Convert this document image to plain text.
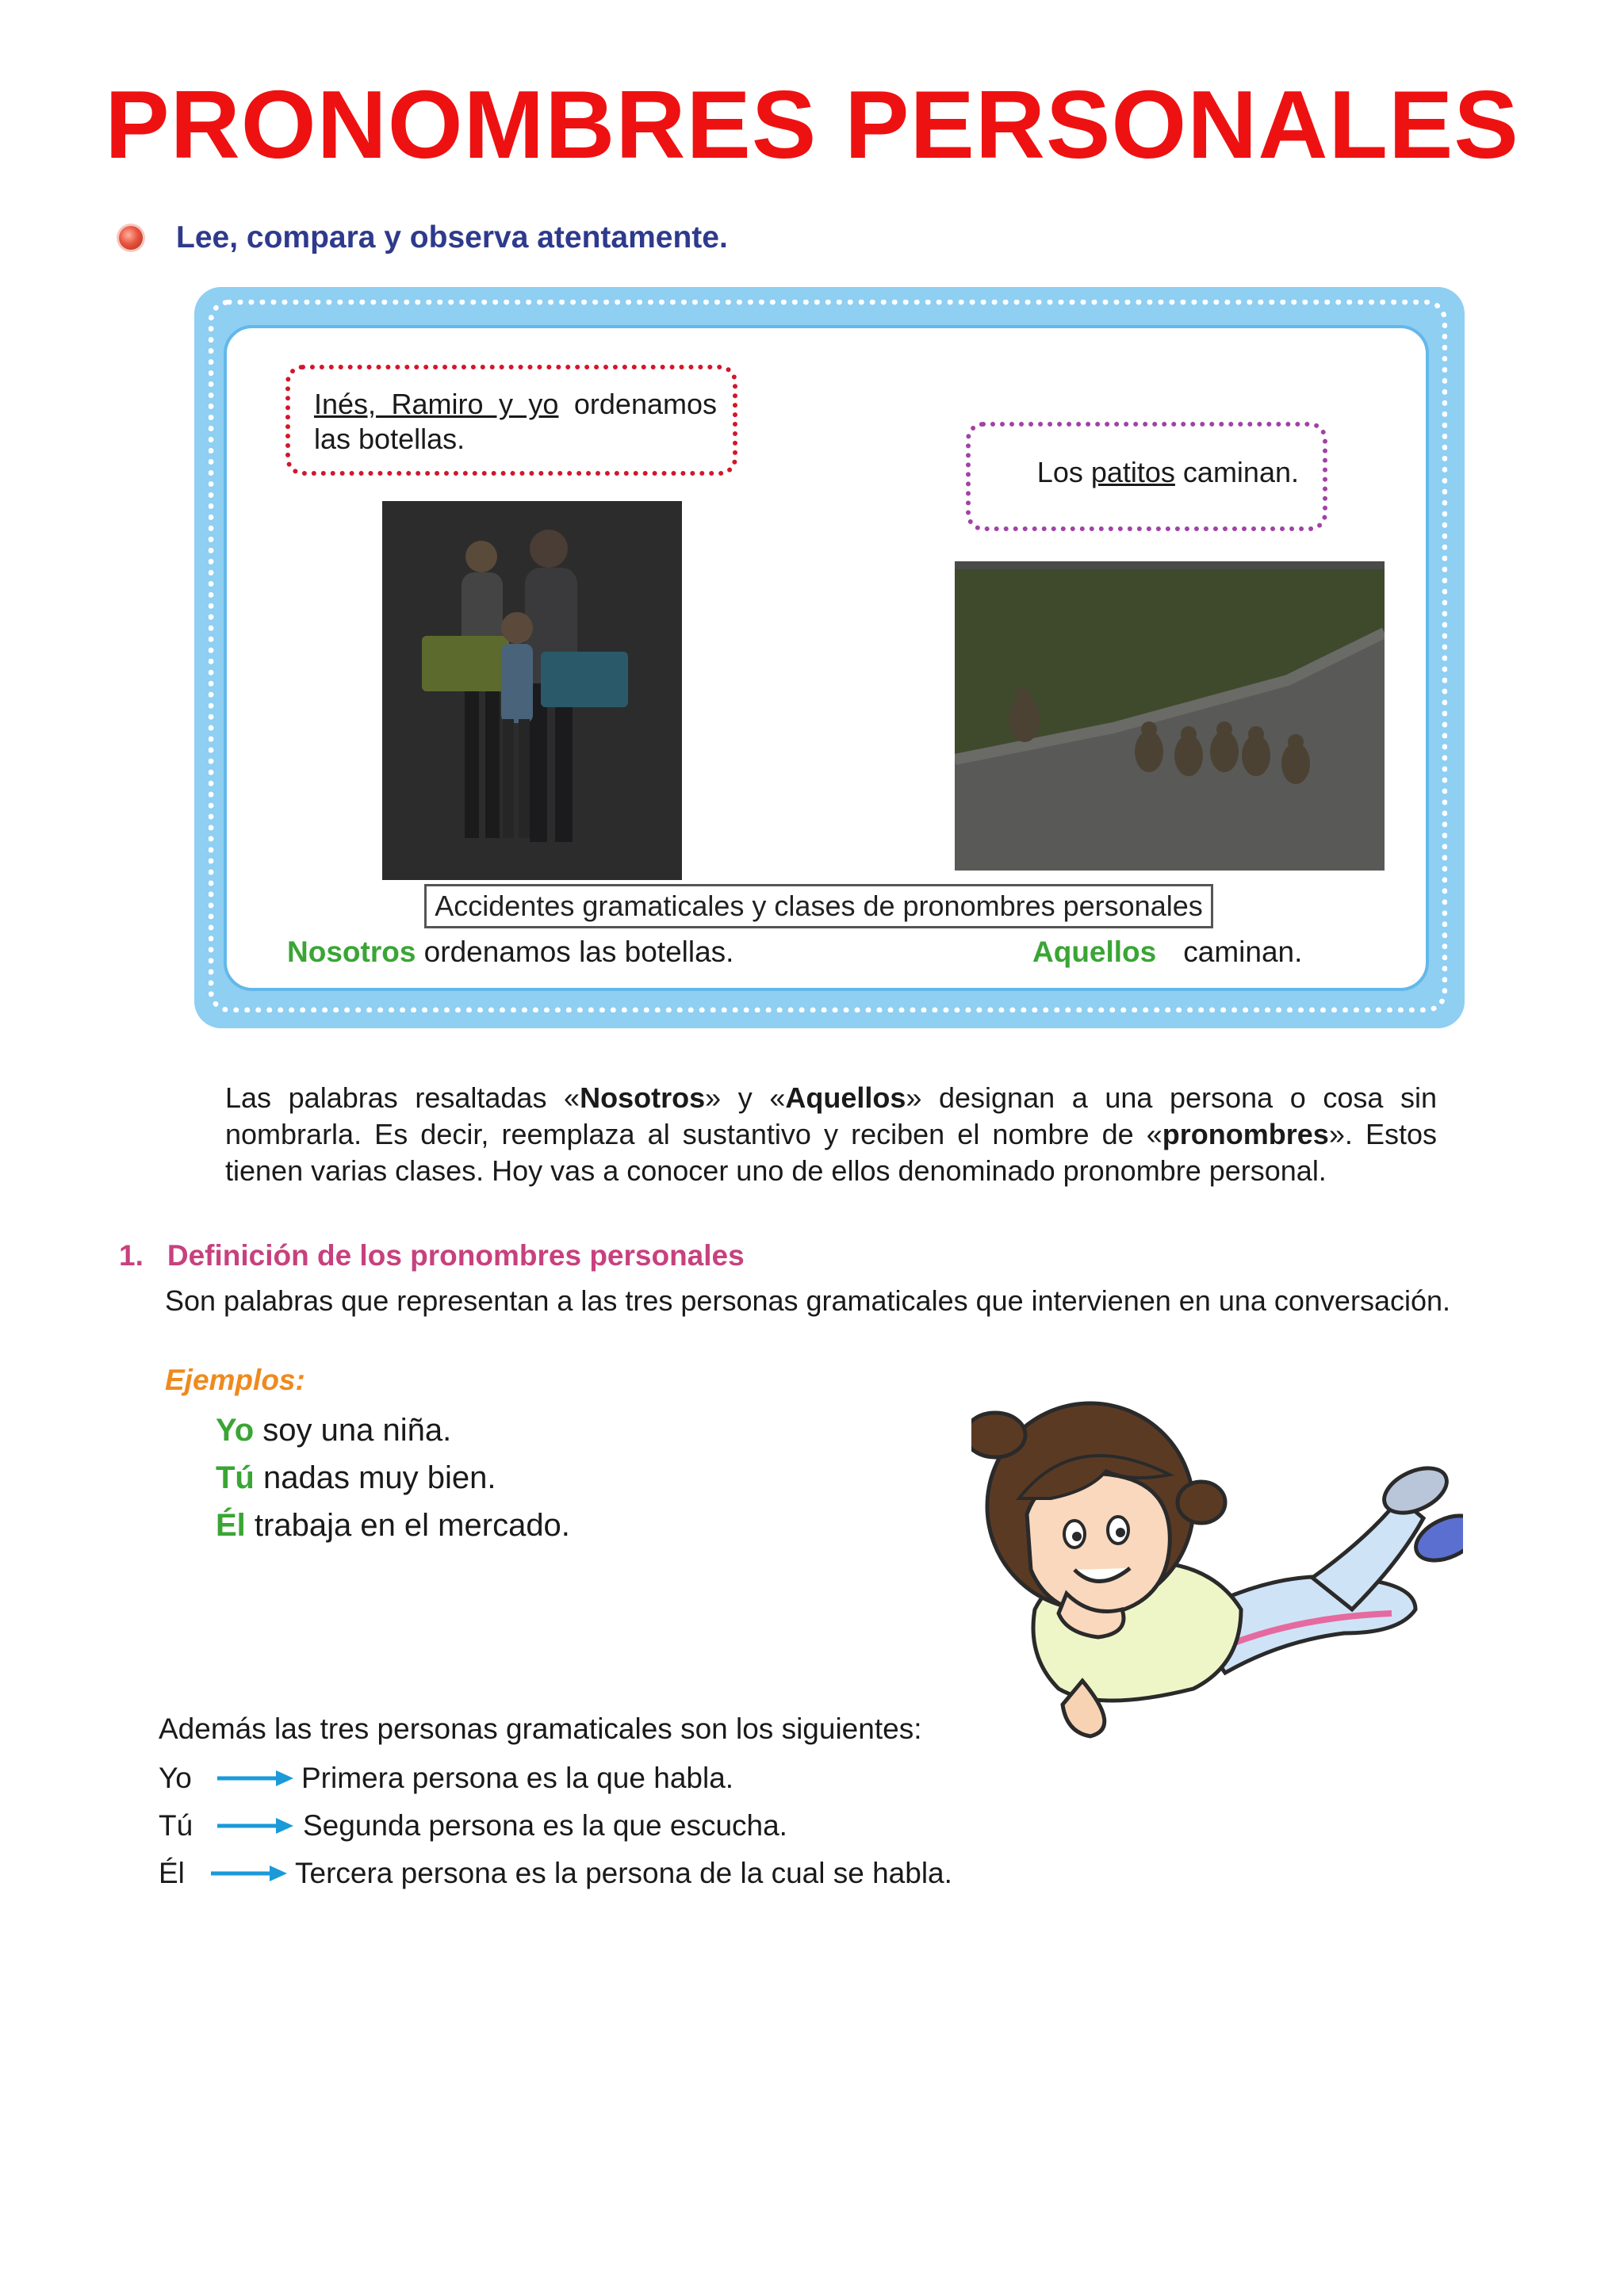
PRONOMBRES PERSONALES
Lee, compara y observa atentamente.
Inés, Ramiro y yo ordenamos las botellas.
Los patitos caminan.
Accidentes gramaticales y clases de pronombres personales
Nosotros ordenamos las botellas.	Aquellos caminan.
Las palabras resaltadas «Nosotros» y «Aquellos» designan a una persona o cosa sin nombrarla. Es decir, reemplaza al sustantivo y reciben el nombre de «pronombres». Estos tienen varias clases. Hoy vas a conocer uno de ellos denominado pronombre personal.
1. Definición de los pronombres personales
Son palabras que representan a las tres personas gramaticales que intervienen en una conversación.
Ejemplos:
Yo soy una niña.
Tú nadas muy bien.
Él trabaja en el mercado.
Además las tres personas gramaticales son los siguientes:
Yo	Primera persona es la que habla.
Tú	Segunda persona es la que escucha.
Él	Tercera persona es la persona de la cual se habla.
